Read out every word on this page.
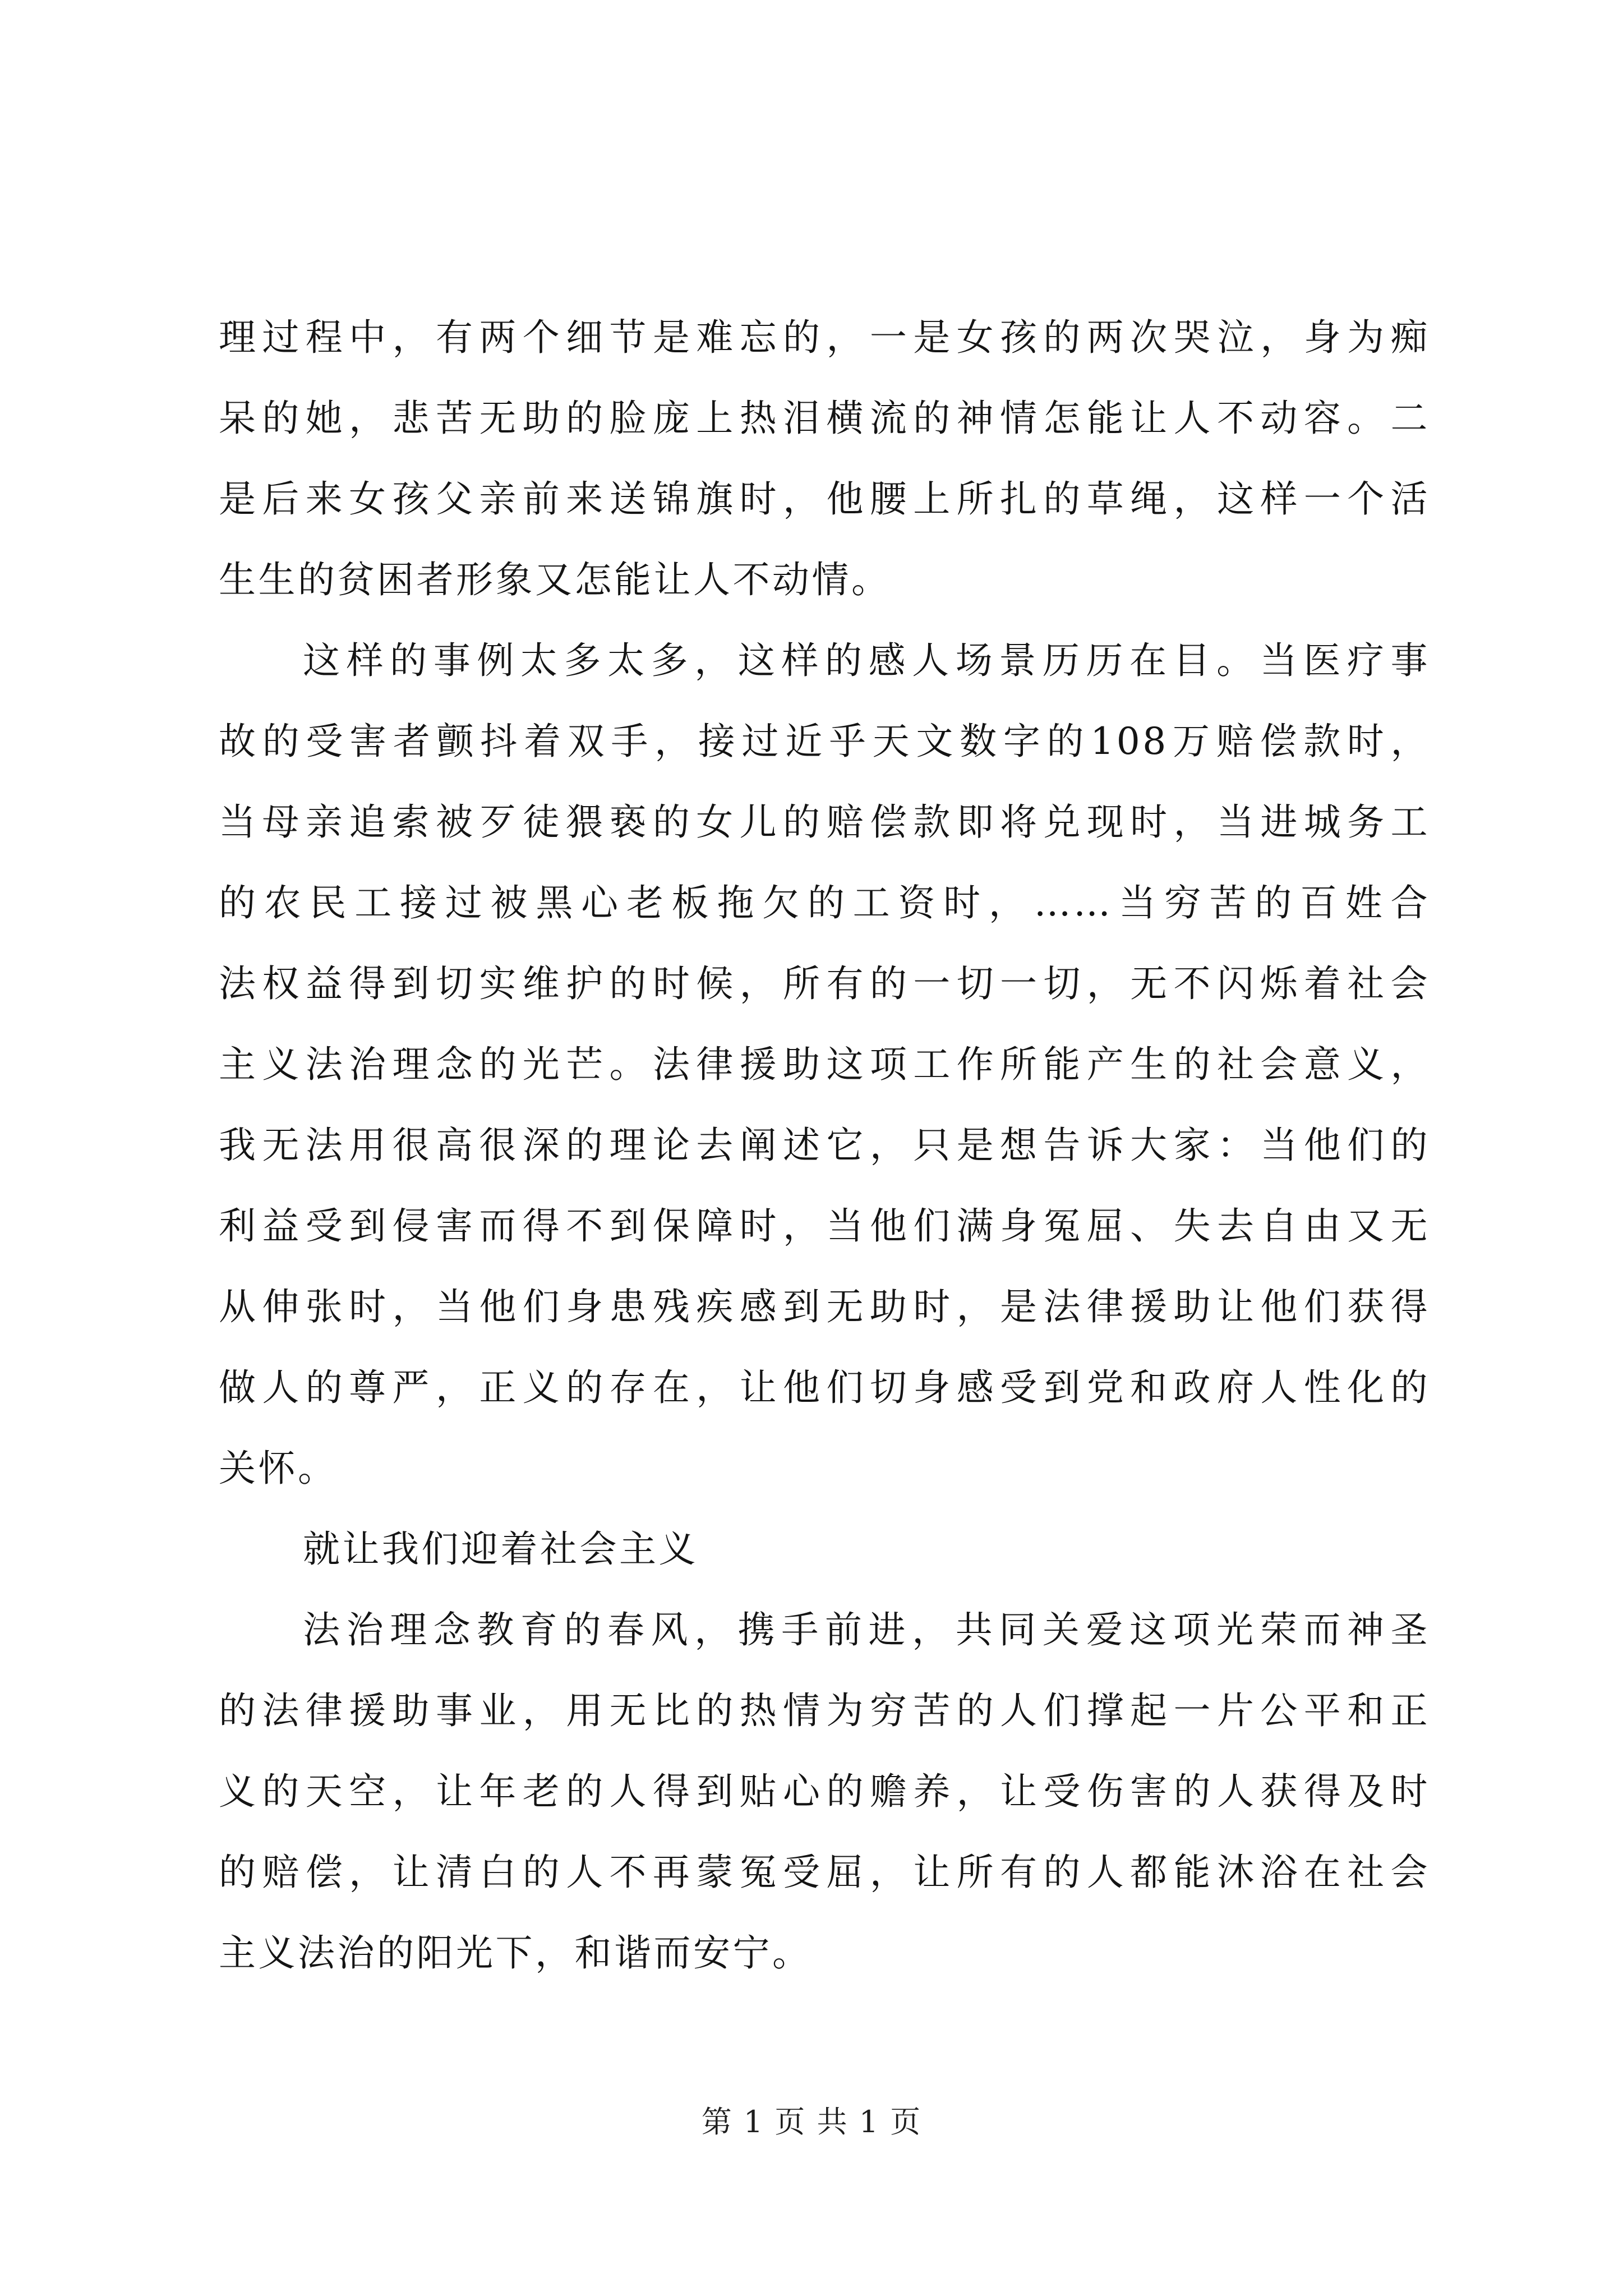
理过程中，有两个细节是难忘的，一是女孩的两次哭泣，身为痴
呆的她，悲苦无助的脸庞上热泪横流的神情怎能让人不动容。二
是后来女孩父亲前来送锦旗时，他腰上所扎的草绳，这样一个活
生生的贫困者形象又怎能让人不动情。
这样的事例太多太多，这样的感人场景历历在目。当医疗事
故的受害者颤抖着双手，接过近乎天文数字的108万赔偿款时，
当母亲追索被歹徒猥亵的女儿的赔偿款即将兑现时，当进城务工
的农民工接过被黑心老板拖欠的工资时，……当穷苦的百姓合
法权益得到切实维护的时候，所有的一切一切，无不闪烁着社会
主义法治理念的光芒。法律援助这项工作所能产生的社会意义，
我无法用很高很深的理论去阐述它，只是想告诉大家：当他们的
利益受到侵害而得不到保障时，当他们满身冤屈、失去自由又无
从伸张时，当他们身患残疾感到无助时，是法律援助让他们获得
做人的尊严，正义的存在，让他们切身感受到党和政府人性化的
关怀。
就让我们迎着社会主义
法治理念教育的春风，携手前进，共同关爱这项光荣而神圣
的法律援助事业，用无比的热情为穷苦的人们撑起一片公平和正
义的天空，让年老的人得到贴心的赡养，让受伤害的人获得及时
的赔偿，让清白的人不再蒙冤受屈，让所有的人都能沐浴在社会
主义法治的阳光下，和谐而安宁。
第 1 页 共 1 页
